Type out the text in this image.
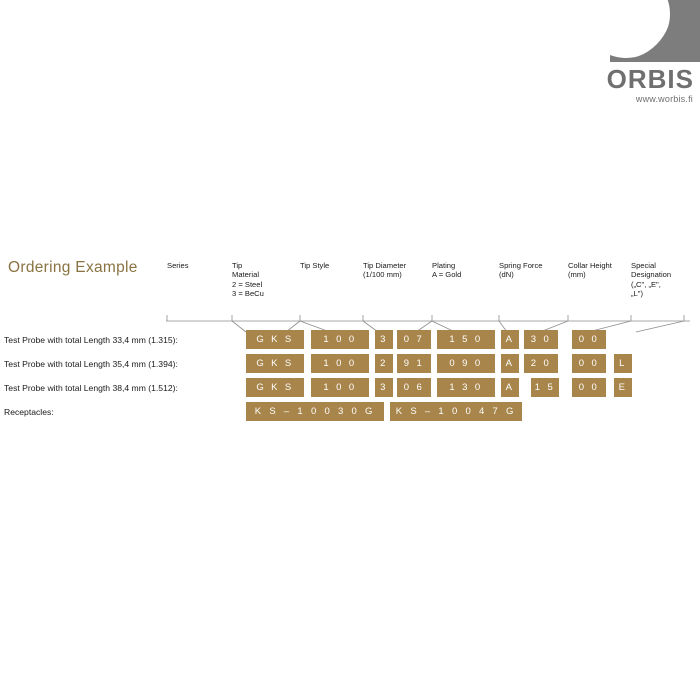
ORBIS
www.worbis.fi
Ordering Example	Series	Tip
Material
2 = Steel
3 = BeCu
Tip Style	Tip Diameter
(1/100 mm)
Plating
A = Gold
Spring Force
(dN)
Collar Height
(mm)
Special
Designation
(„C", „E",
„L")
Test Probe with total Length 33,4 mm (1.315):	G K S	1 0 0	3	0 7	1 5 0	A	3 0	0 0
Test Probe with total Length 35,4 mm (1.394):	G K S	1 0 0	2	9 1	0 9 0	A	2 0	0 0	L
Test Probe with total Length 38,4 mm (1.512):	G K S	1 0 0	3	0 6	1 3 0	A	1 5	0 0	E
Receptacles:	K S – 1 0 0 3 0 G	K S – 1 0 0 4 7 G
